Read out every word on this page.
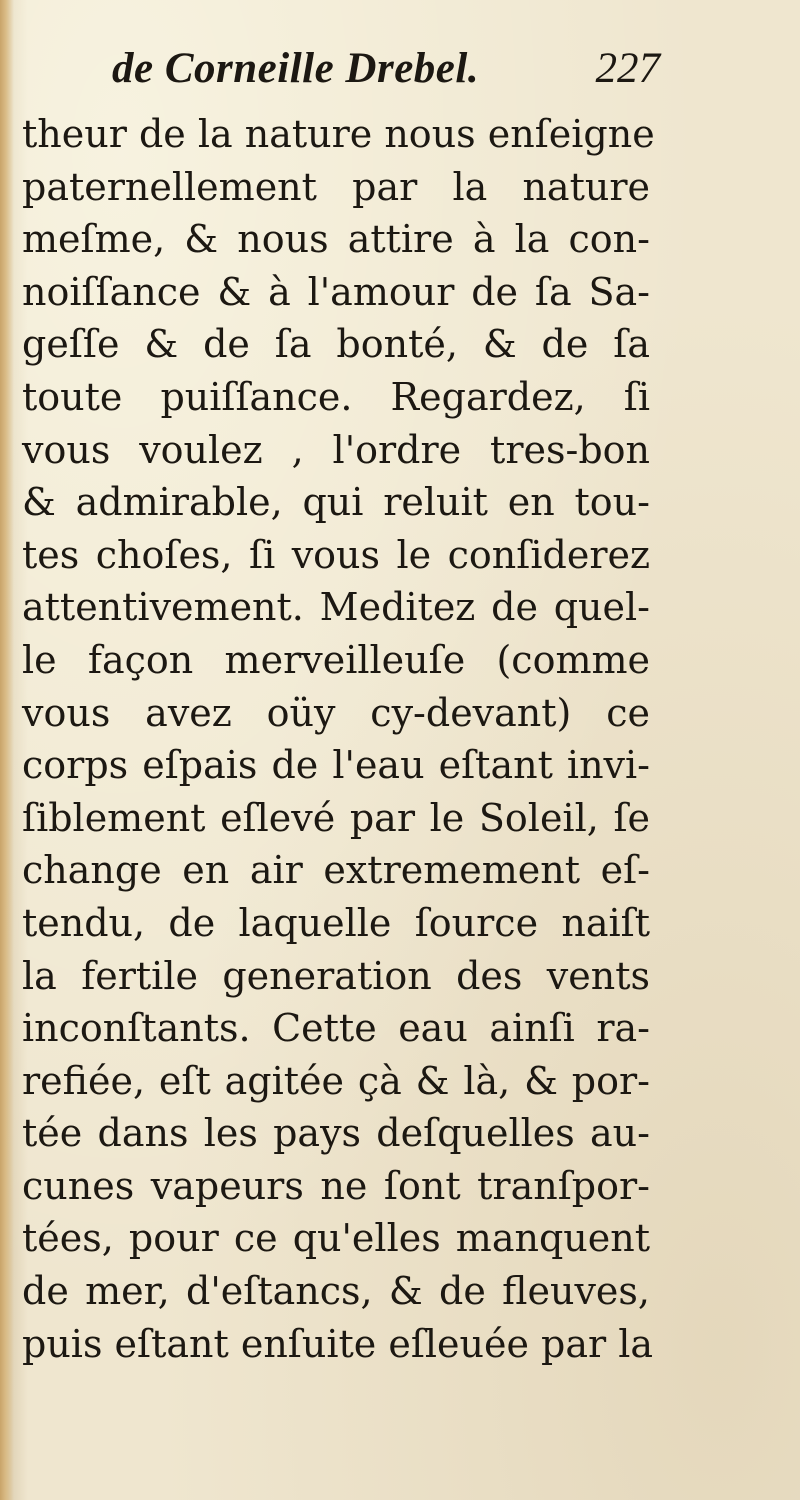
de Corneille Drebel.	227
theur de la nature nous enſeigne
paternellement par la nature
meſme, & nous attire à la con-
noiſſance & à l'amour de ſa Sa-
geſſe & de ſa bonté, & de ſa
toute puiſſance. Regardez, ſi
vous voulez , l'ordre tres-bon
& admirable, qui reluit en tou-
tes choſes, ſi vous le conſiderez
attentivement. Meditez de quel-
le façon merveilleuſe (comme
vous avez oüy cy-devant) ce
corps eſpais de l'eau eſtant invi-
ſiblement eſlevé par le Soleil, ſe
change en air extremement eſ-
tendu, de laquelle ſource naiſt
la fertile generation des vents
inconſtants. Cette eau ainſi ra-
refiée, eſt agitée çà & là, & por-
tée dans les pays deſquelles au-
cunes vapeurs ne ſont tranſpor-
tées, pour ce qu'elles manquent
de mer, d'eſtancs, & de fleuves,
puis eſtant enſuite eſleuée par la
